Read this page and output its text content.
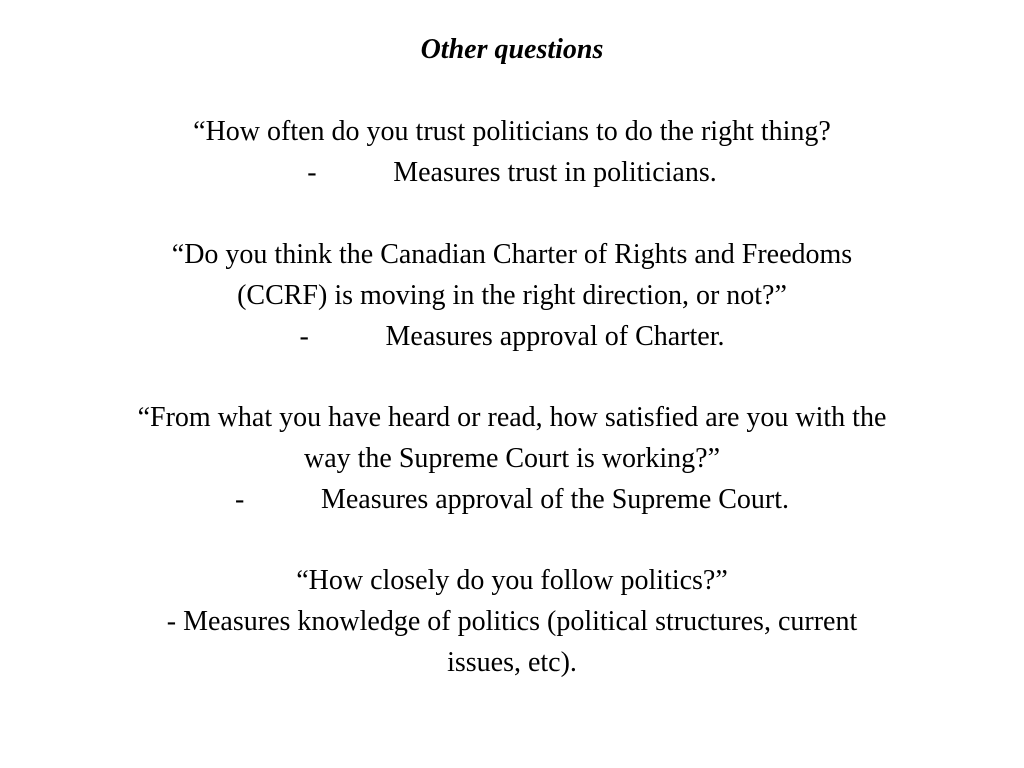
Other questions
“How often do you trust politicians to do the right thing?
-	Measures trust in politicians.
“Do you think the Canadian Charter of Rights and Freedoms
(CCRF) is moving in the right direction, or not?”
-	Measures approval of Charter.
“From what you have heard or read, how satisfied are you with the
way the Supreme Court is working?”
-	Measures approval of the Supreme Court.
“How closely do you follow politics?”
- Measures knowledge of politics (political structures, current
issues, etc).
